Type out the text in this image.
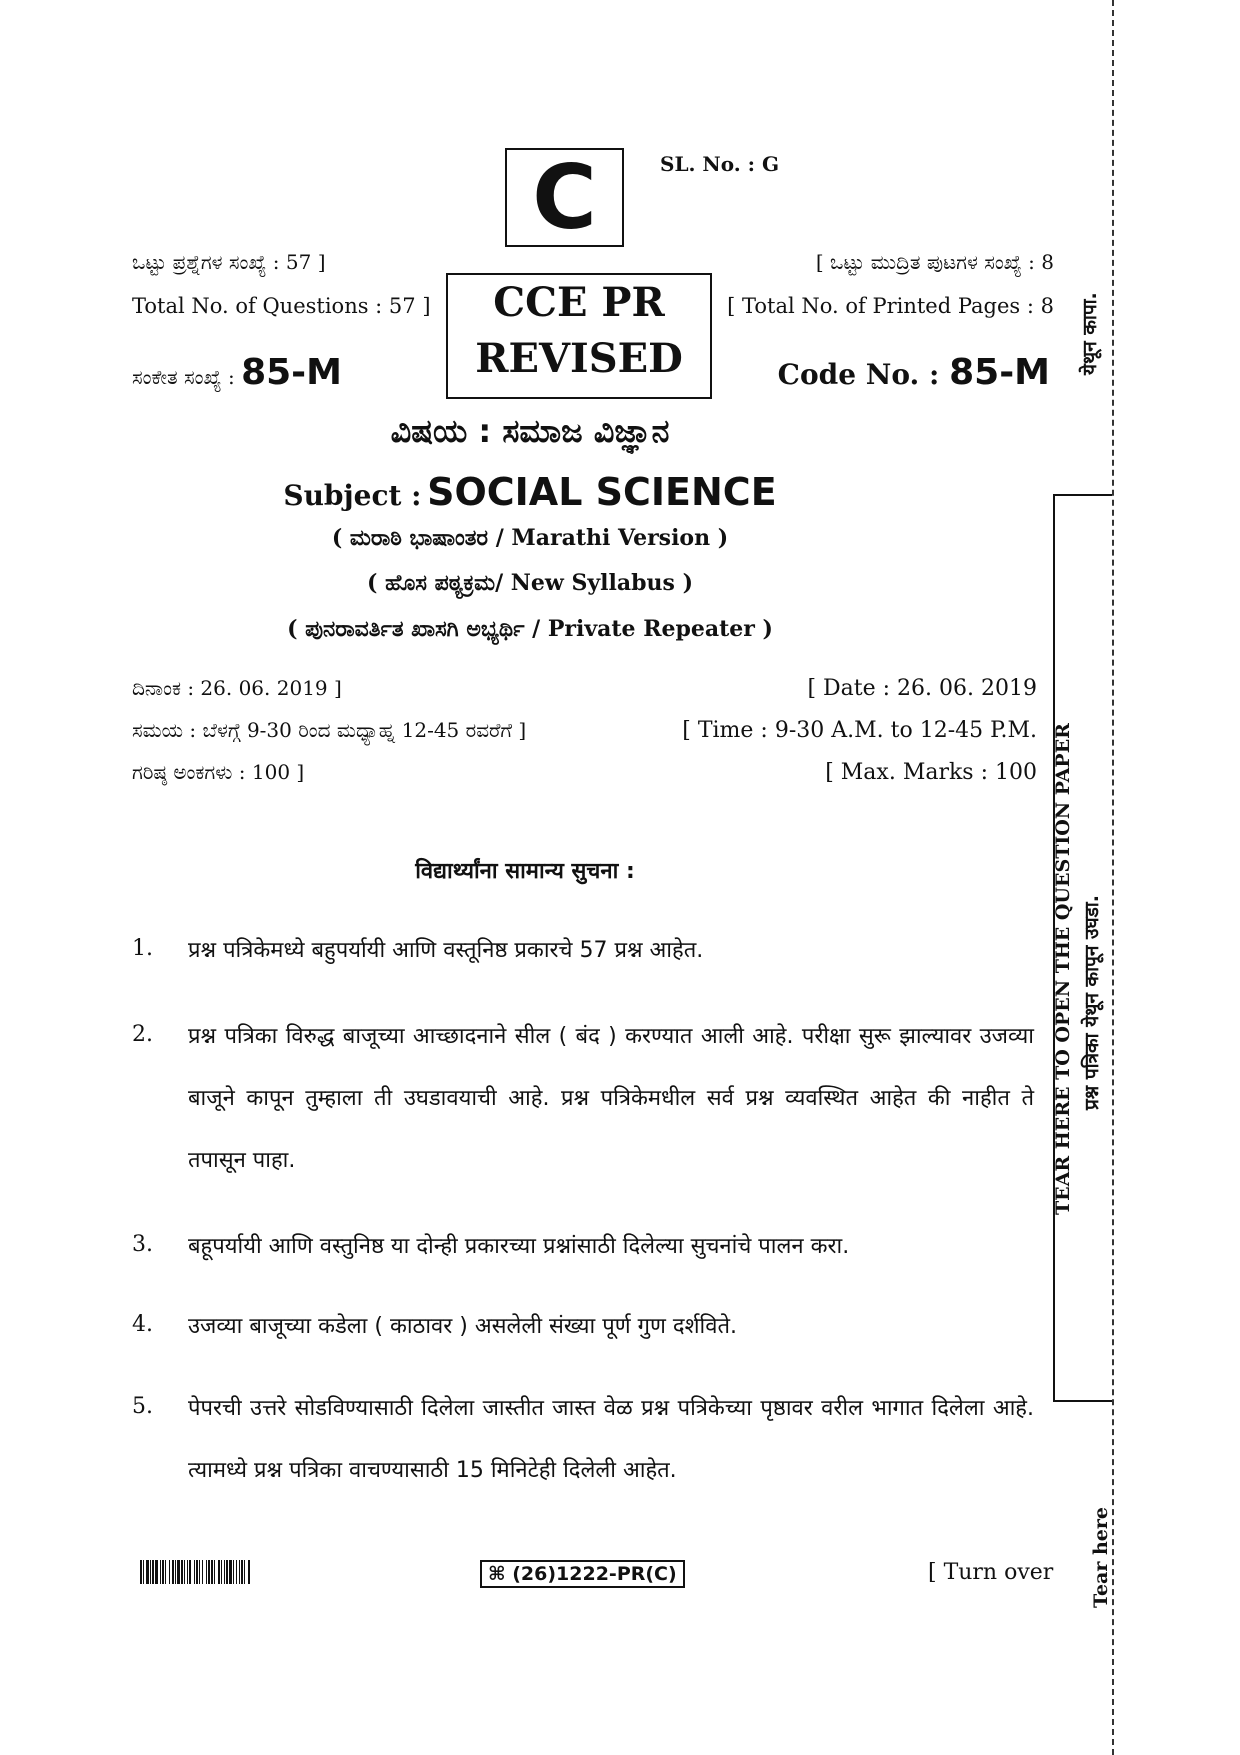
C	SL. No. : G
ಒಟ್ಟು ಪ್ರಶ್ನೆಗಳ ಸಂಖ್ಯೆ : 57 ]
Total No. of Questions : 57 ]	CCE PR
REVISED
[ ಒಟ್ಟು ಮುದ್ರಿತ ಪುಟಗಳ ಸಂಖ್ಯೆ : 8
[ Total No. of Printed Pages : 8
ಸಂಕೇತ ಸಂಖ್ಯೆ : 85-M	Code No. : 85-M
ವಿಷಯ : ಸಮಾಜ ವಿಜ್ಞಾನ
Subject : SOCIAL SCIENCE
( ಮರಾಠಿ ಭಾಷಾಂತರ / Marathi Version )
( ಹೊಸ ಪಠ್ಯಕ್ರಮ/ New Syllabus )
( ಪುನರಾವರ್ತಿತ ಖಾಸಗಿ ಅಭ್ಯರ್ಥಿ / Private Repeater )
ದಿನಾಂಕ : 26. 06. 2019 ]	[ Date : 26. 06. 2019
ಸಮಯ : ಬೆಳಗ್ಗೆ 9-30 ರಿಂದ ಮಧ್ಯಾಹ್ನ 12-45 ರವರೆಗೆ ]	[ Time : 9-30 A.M. to 12-45 P.M.
ಗರಿಷ್ಠ ಅಂಕಗಳು : 100 ]	[ Max. Marks : 100
विद्यार्थ्यांना सामान्य सुचना :
1. प्रश्न पत्रिकेमध्ये बहुपर्यायी आणि वस्तूनिष्ठ प्रकारचे 57 प्रश्न आहेत.
2. प्रश्न पत्रिका विरुद्ध बाजूच्या आच्छादनाने सील ( बंद ) करण्यात आली आहे. परीक्षा सुरू झाल्यावर उजव्या बाजूने कापून तुम्हाला ती उघडावयाची आहे. प्रश्न पत्रिकेमधील सर्व प्रश्न व्यवस्थित आहेत की नाहीत ते तपासून पाहा.
3. बहूपर्यायी आणि वस्तुनिष्ठ या दोन्ही प्रकारच्या प्रश्नांसाठी दिलेल्या सुचनांचे पालन करा.
4. उजव्या बाजूच्या कडेला ( काठावर ) असलेली संख्या पूर्ण गुण दर्शविते.
5. पेपरची उत्तरे सोडविण्यासाठी दिलेला जास्तीत जास्त वेळ प्रश्न पत्रिकेच्या पृष्ठावर वरील भागात दिलेला आहे. त्यामध्ये प्रश्न पत्रिका वाचण्यासाठी 15 मिनिटेही दिलेली आहेत.
⌘ (26)1222-PR(C)	[ Turn over
येथून कापा.
TEAR HERE TO OPEN THE QUESTION PAPER प्रश्न पत्रिका येथून कापून उघडा.
Tear here
